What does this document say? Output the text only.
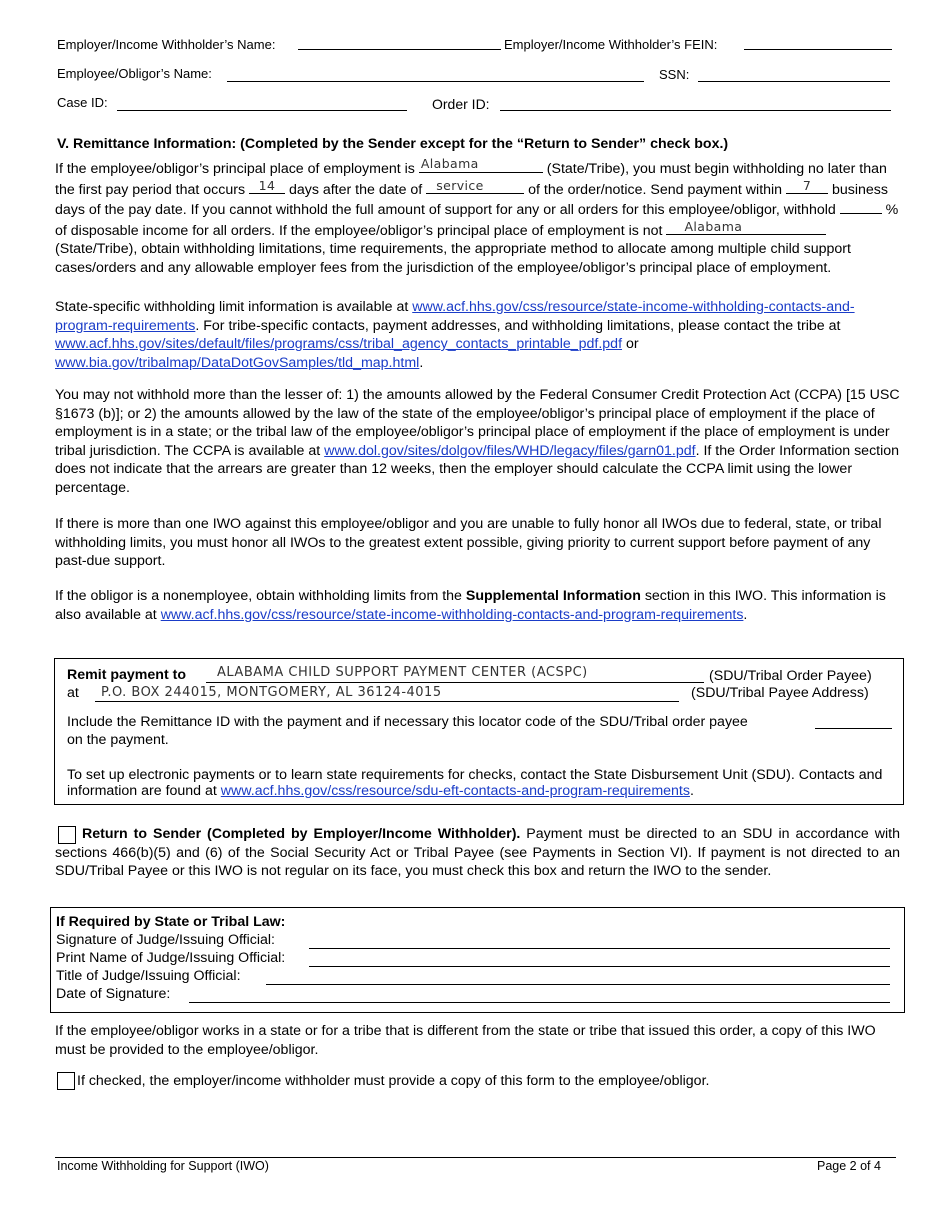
Employer/Income Withholder’s Name:	Employer/Income Withholder’s FEIN:
Employee/Obligor’s Name:	SSN:
Case ID:	Order ID:
V. Remittance Information: (Completed by the Sender except for the “Return to Sender” check box.)
If the employee/obligor’s principal place of employment is Alabama	(State/Tribe), you must begin withholding no later than the first pay period that occurs 14 days after the date of service	of the order/notice. Send payment within	7	business days of the pay date. If you cannot withhold the full amount of support for any or all orders for this employee/obligor, withhold	% of disposable income for all orders. If the employee/obligor’s principal place of employment is not	Alabama
(State/Tribe), obtain withholding limitations, time requirements, the appropriate method to allocate among multiple child support cases/orders and any allowable employer fees from the jurisdiction of the employee/obligor’s principal place of employment.
State-specific withholding limit information is available at www.acf.hhs.gov/css/resource/state-income-withholding-contacts-and-program-requirements. For tribe-specific contacts, payment addresses, and withholding limitations, please contact the tribe at www.acf.hhs.gov/sites/default/files/programs/css/tribal_agency_contacts_printable_pdf.pdf or www.bia.gov/tribalmap/DataDotGovSamples/tld_map.html.
You may not withhold more than the lesser of: 1) the amounts allowed by the Federal Consumer Credit Protection Act (CCPA) [15 USC §1673 (b)]; or 2) the amounts allowed by the law of the state of the employee/obligor’s principal place of employment if the place of employment is in a state; or the tribal law of the employee/obligor’s principal place of employment if the place of employment is under tribal jurisdiction. The CCPA is available at www.dol.gov/sites/dolgov/files/WHD/legacy/files/garn01.pdf. If the Order Information section does not indicate that the arrears are greater than 12 weeks, then the employer should calculate the CCPA limit using the lower percentage.
If there is more than one IWO against this employee/obligor and you are unable to fully honor all IWOs due to federal, state, or tribal withholding limits, you must honor all IWOs to the greatest extent possible, giving priority to current support before payment of any past-due support.
If the obligor is a nonemployee, obtain withholding limits from the Supplemental Information section in this IWO. This information is also available at www.acf.hhs.gov/css/resource/state-income-withholding-contacts-and-program-requirements.
Remit payment to ALABAMA CHILD SUPPORT PAYMENT CENTER (ACSPC)	(SDU/Tribal Order Payee)
at P.O. BOX 244015, MONTGOMERY, AL 36124-4015	(SDU/Tribal Payee Address)
Include the Remittance ID with the payment and if necessary this locator code of the SDU/Tribal order payee
on the payment.
To set up electronic payments or to learn state requirements for checks, contact the State Disbursement Unit (SDU). Contacts and information are found at www.acf.hhs.gov/css/resource/sdu-eft-contacts-and-program-requirements.
Return to Sender (Completed by Employer/Income Withholder). Payment must be directed to an SDU in accordance with sections 466(b)(5) and (6) of the Social Security Act or Tribal Payee (see Payments in Section VI). If payment is not directed to an SDU/Tribal Payee or this IWO is not regular on its face, you must check this box and return the IWO to the sender.
If Required by State or Tribal Law:
Signature of Judge/Issuing Official:
Print Name of Judge/Issuing Official:
Title of Judge/Issuing Official:
Date of Signature:
If the employee/obligor works in a state or for a tribe that is different from the state or tribe that issued this order, a copy of this IWO must be provided to the employee/obligor.
If checked, the employer/income withholder must provide a copy of this form to the employee/obligor.
Income Withholding for Support (IWO)	Page 2 of 4
